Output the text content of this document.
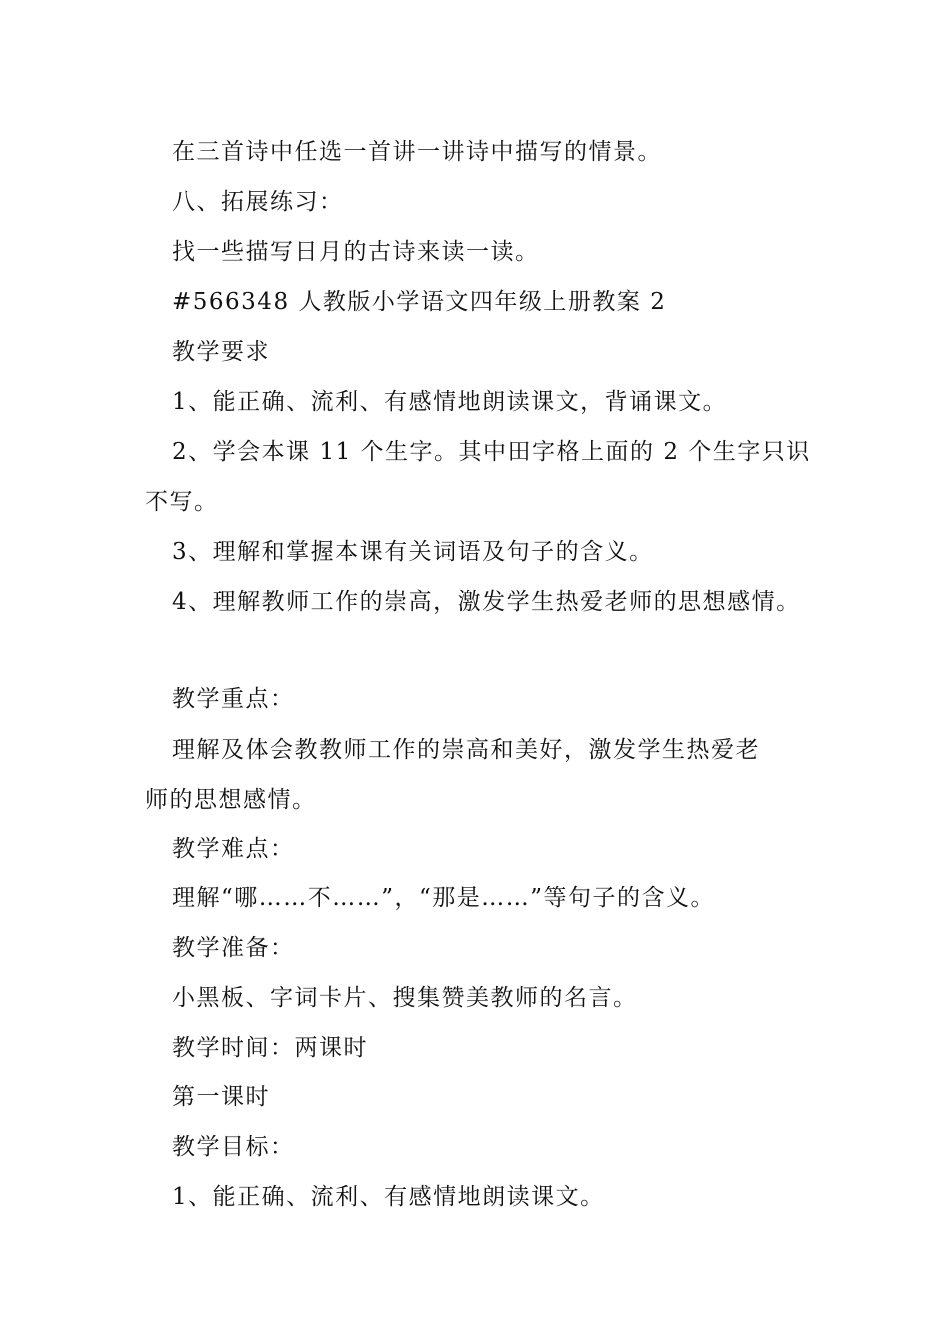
在三首诗中任选一首讲一讲诗中描写的情景。
八、拓展练习：
找一些描写日月的古诗来读一读。
#566348 人教版小学语文四年级上册教案 2
教学要求
1、能正确、流利、有感情地朗读课文，背诵课文。
2、学会本课 11 个生字。其中田字格上面的 2 个生字只识
不写。
3、理解和掌握本课有关词语及句子的含义。
4、理解教师工作的崇高，激发学生热爱老师的思想感情。
教学重点：
理解及体会教教师工作的崇高和美好，激发学生热爱老
师的思想感情。
教学难点：
理解“哪……不……”，“那是……”等句子的含义。
教学准备：
小黑板、字词卡片、搜集赞美教师的名言。
教学时间：两课时
第一课时
教学目标：
1、能正确、流利、有感情地朗读课文。
